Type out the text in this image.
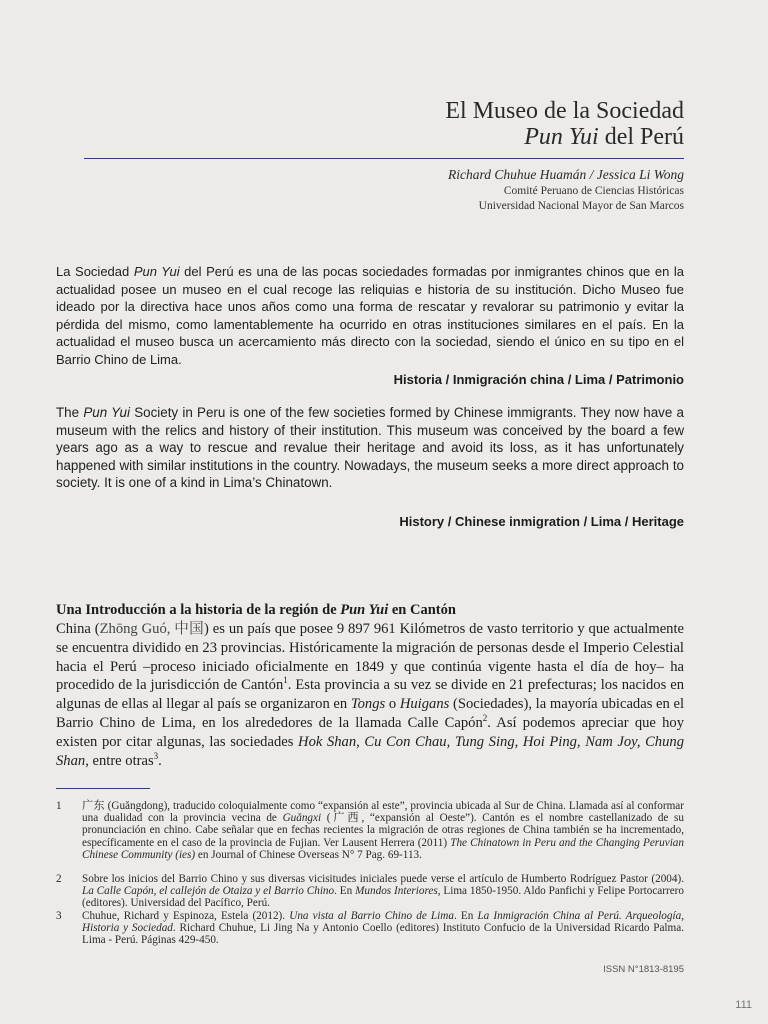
El Museo de la Sociedad
Pun Yui del Perú
Richard Chuhue Huamán / Jessica Li Wong
Comité Peruano de Ciencias Históricas
Universidad Nacional Mayor de San Marcos
La Sociedad Pun Yui del Perú es una de las pocas sociedades formadas por inmigrantes chinos que en la actualidad posee un museo en el cual recoge las reliquias e historia de su institución. Dicho Museo fue ideado por la directiva hace unos años como una forma de rescatar y revalorar su patrimonio y evitar la pérdida del mismo, como lamentablemente ha ocurrido en otras instituciones similares en el país. En la actualidad el museo busca un acercamiento más directo con la sociedad, siendo el único en su tipo en el Barrio Chino de Lima.
Historia / Inmigración china / Lima / Patrimonio
The Pun Yui Society in Peru is one of the few societies formed by Chinese immigrants. They now have a museum with the relics and history of their institution. This museum was conceived by the board a few years ago as a way to rescue and revalue their heritage and avoid its loss, as it has unfortunately happened with similar institutions in the country. Nowadays, the museum seeks a more direct approach to society. It is one of a kind in Lima’s Chinatown.
History / Chinese inmigration / Lima / Heritage
Una Introducción a la historia de la región de Pun Yui en Cantón
China (Zhōng Guó, 中国) es un país que posee 9 897 961 Kilómetros de vasto territorio y que actualmente se encuentra dividido en 23 provincias. Históricamente la migración de personas desde el Imperio Celestial hacia el Perú –proceso iniciado oficialmente en 1849 y que continúa vigente hasta el día de hoy– ha procedido de la jurisdicción de Cantón$^1$. Esta provincia a su vez se divide en 21 prefecturas; los nacidos en algunas de ellas al llegar al país se organizaron en Tongs o Huigans (Sociedades), la mayoría ubicadas en el Barrio Chino de Lima, en los alrededores de la llamada Calle Capón$^2$. Así podemos apreciar que hoy existen por citar algunas, las sociedades Hok Shan, Cu Con Chau, Tung Sing, Hoi Ping, Nam Joy, Chung Shan, entre otras$^3$.
1 广东 (Guǎngdong), traducido coloquialmente como “expansión al este”, provincia ubicada al Sur de China. Llamada así al conformar una dualidad con la provincia vecina de Guǎngxi (广西, “expansión al Oeste”). Cantón es el nombre castellanizado de su pronunciación en chino. Cabe señalar que en fechas recientes la migración de otras regiones de China también se ha incrementado, específicamente en el caso de la provincia de Fujian. Ver Lausent Herrera (2011) The Chinatown in Peru and the Changing Peruvian Chinese Community (ies) en Journal of Chinese Overseas N° 7 Pag. 69-113.
2 Sobre los inicios del Barrio Chino y sus diversas vicisitudes iniciales puede verse el artículo de Humberto Rodríguez Pastor (2004). La Calle Capón, el callejón de Otaiza y el Barrio Chino. En Mundos Interiores, Lima 1850-1950. Aldo Panfichi y Felipe Portocarrero (editores). Universidad del Pacífico, Perú.
3 Chuhue, Richard y Espinoza, Estela (2012). Una vista al Barrio Chino de Lima. En La Inmigración China al Perú. Arqueología, Historia y Sociedad. Richard Chuhue, Li Jing Na y Antonio Coello (editores) Instituto Confucio de la Universidad Ricardo Palma. Lima - Perú. Páginas 429-450.
ISSN N°1813-8195
111
